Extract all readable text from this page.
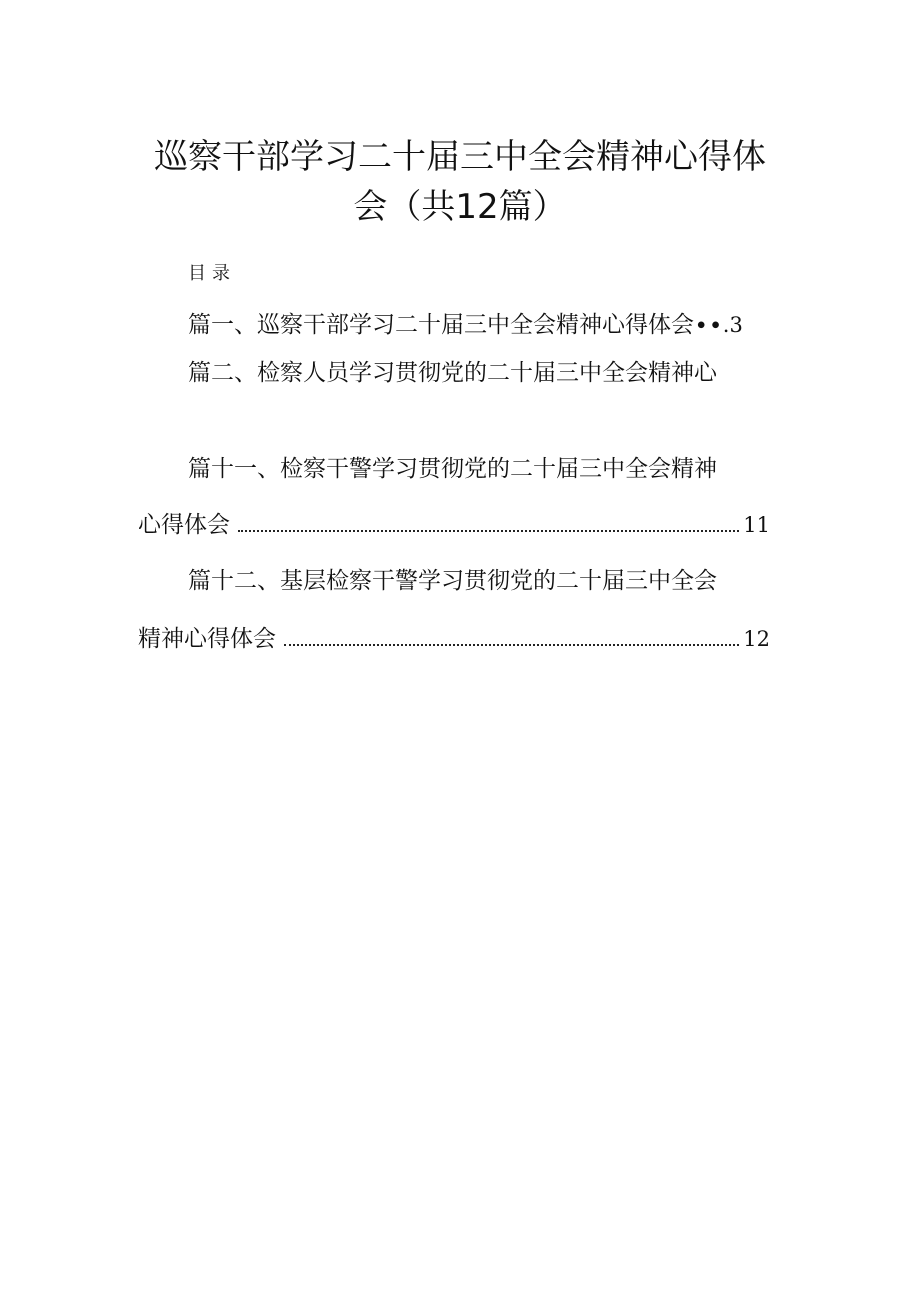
巡察干部学习二十届三中全会精神心得体
会（共12篇）
目录
篇一、巡察干部学习二十届三中全会精神心得体会∙∙.3
篇二、检察人员学习贯彻党的二十届三中全会精神心
篇十一、检察干警学习贯彻党的二十届三中全会精神
心得体会	11
篇十二、基层检察干警学习贯彻党的二十届三中全会
精神心得体会	12
